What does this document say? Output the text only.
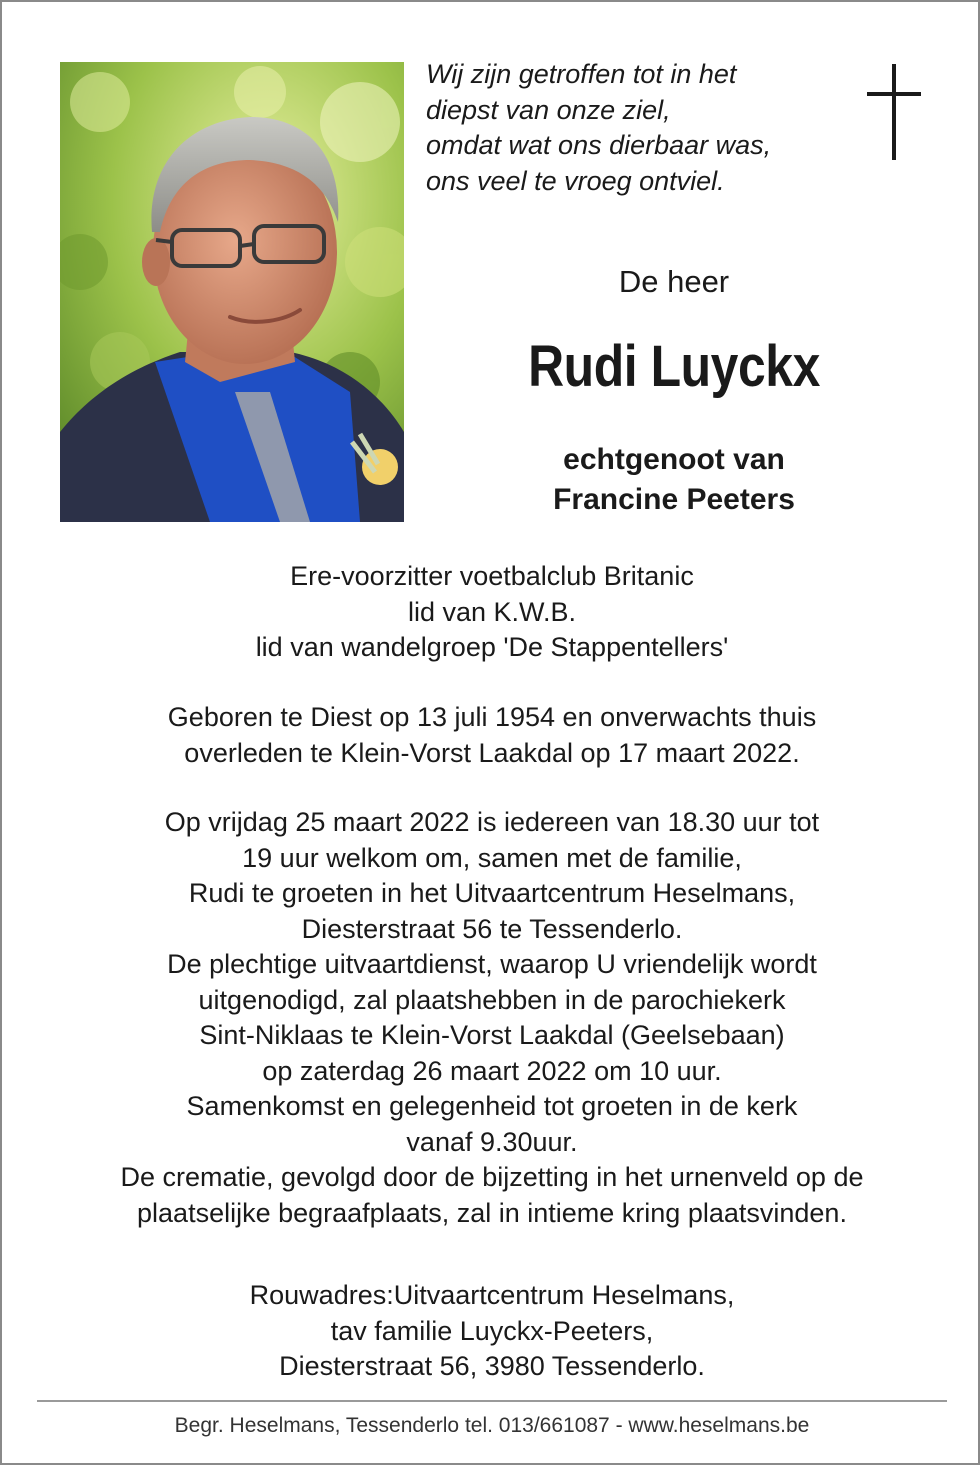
Wij zijn getroffen tot in het
diepst van onze ziel,
omdat wat ons dierbaar was,
ons veel te vroeg ontviel.
De heer
Rudi Luyckx
echtgenoot van
Francine Peeters
Ere-voorzitter voetbalclub Britanic
lid van K.W.B.
lid van wandelgroep 'De Stappentellers'
Geboren te Diest op 13 juli 1954 en onverwachts thuis
overleden te Klein-Vorst Laakdal op 17 maart 2022.
Op vrijdag 25 maart 2022 is iedereen van 18.30 uur tot
19 uur welkom om, samen met de familie,
Rudi te groeten in het Uitvaartcentrum Heselmans,
Diesterstraat 56 te Tessenderlo.
De plechtige uitvaartdienst, waarop U vriendelijk wordt
uitgenodigd, zal plaatshebben in de parochiekerk
Sint-Niklaas te Klein-Vorst Laakdal (Geelsebaan)
op zaterdag 26 maart 2022 om 10 uur.
Samenkomst en gelegenheid tot groeten in de kerk
vanaf 9.30uur.
De crematie, gevolgd door de bijzetting in het urnenveld op de
plaatselijke begraafplaats, zal in intieme kring plaatsvinden.
Rouwadres:Uitvaartcentrum Heselmans,
tav familie Luyckx-Peeters,
Diesterstraat 56, 3980 Tessenderlo.
Begr. Heselmans, Tessenderlo tel. 013/661087 - www.heselmans.be
